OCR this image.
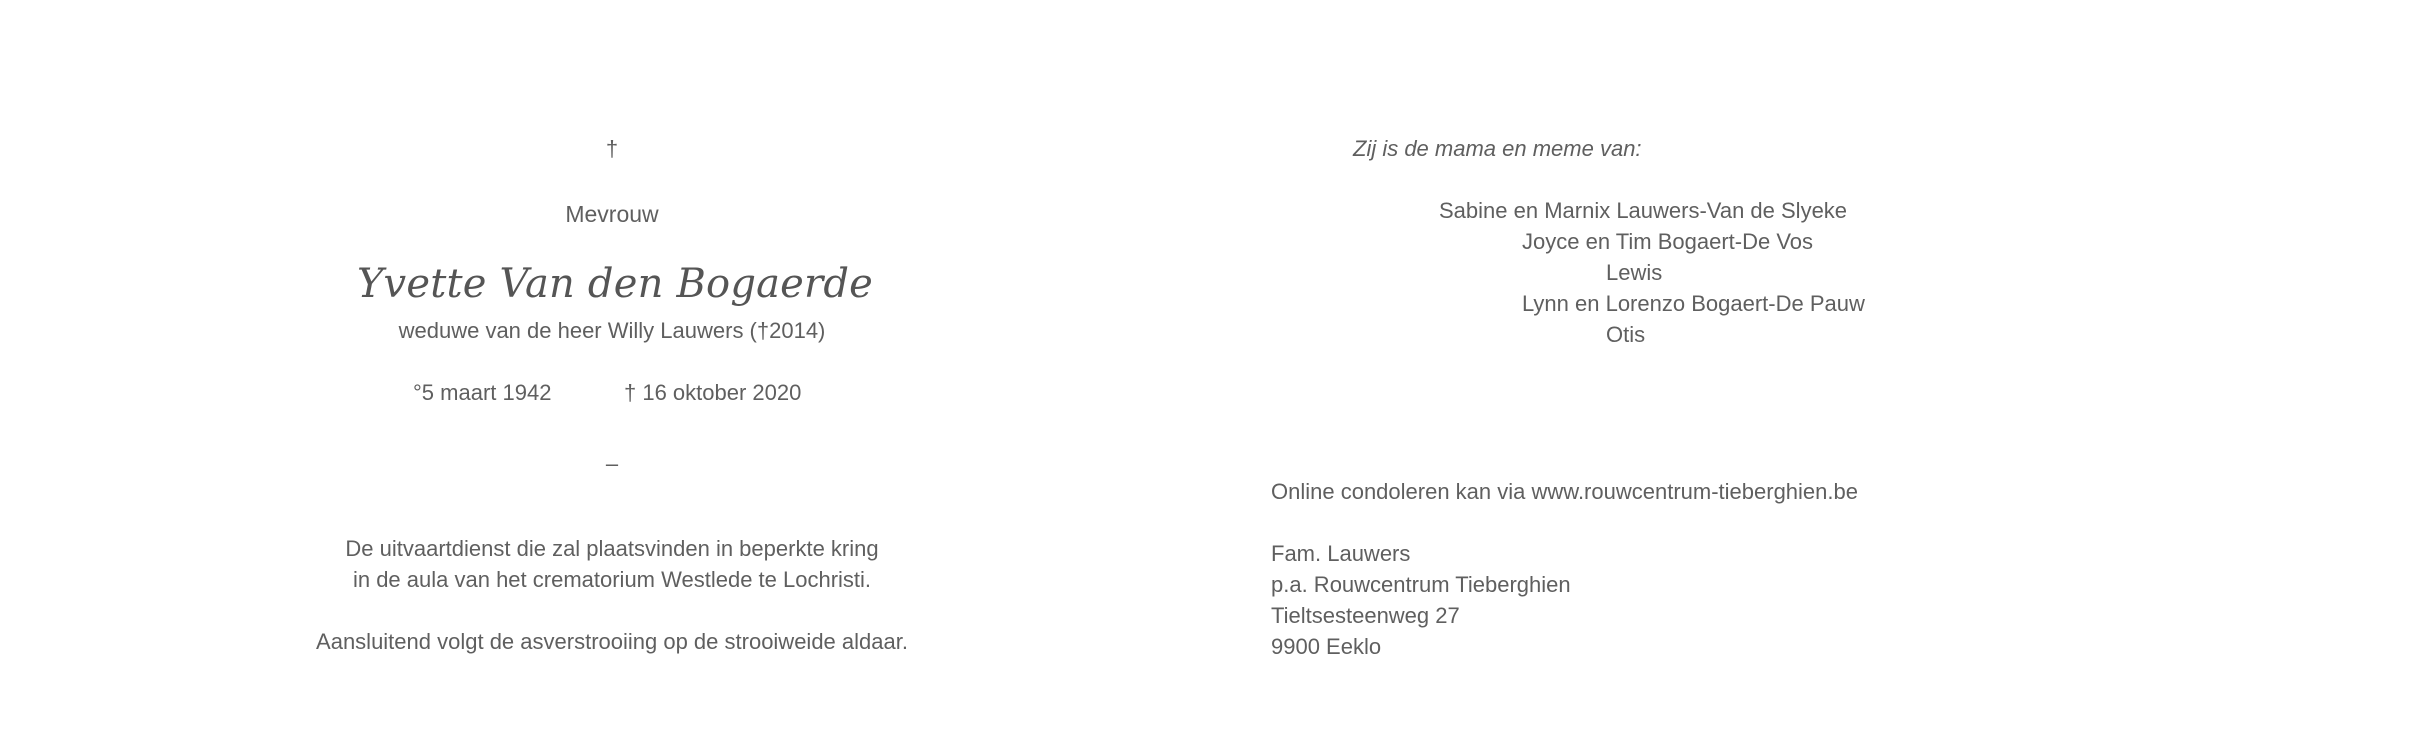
†
Mevrouw
Yvette Van den Bogaerde
weduwe van de heer Willy Lauwers (†2014)
°5 maart 1942	† 16 oktober 2020
–
De uitvaartdienst die zal plaatsvinden in beperkte kring
in de aula van het crematorium Westlede te Lochristi.
Aansluitend volgt de asverstrooiing op de strooiweide aldaar.
Zij is de mama en meme van:
Sabine en Marnix Lauwers-Van de Slyeke
Joyce en Tim Bogaert-De Vos
Lewis
Lynn en Lorenzo Bogaert-De Pauw
Otis
Online condoleren kan via www.rouwcentrum-tieberghien.be
Fam. Lauwers
p.a. Rouwcentrum Tieberghien
Tieltsesteenweg 27
9900 Eeklo
